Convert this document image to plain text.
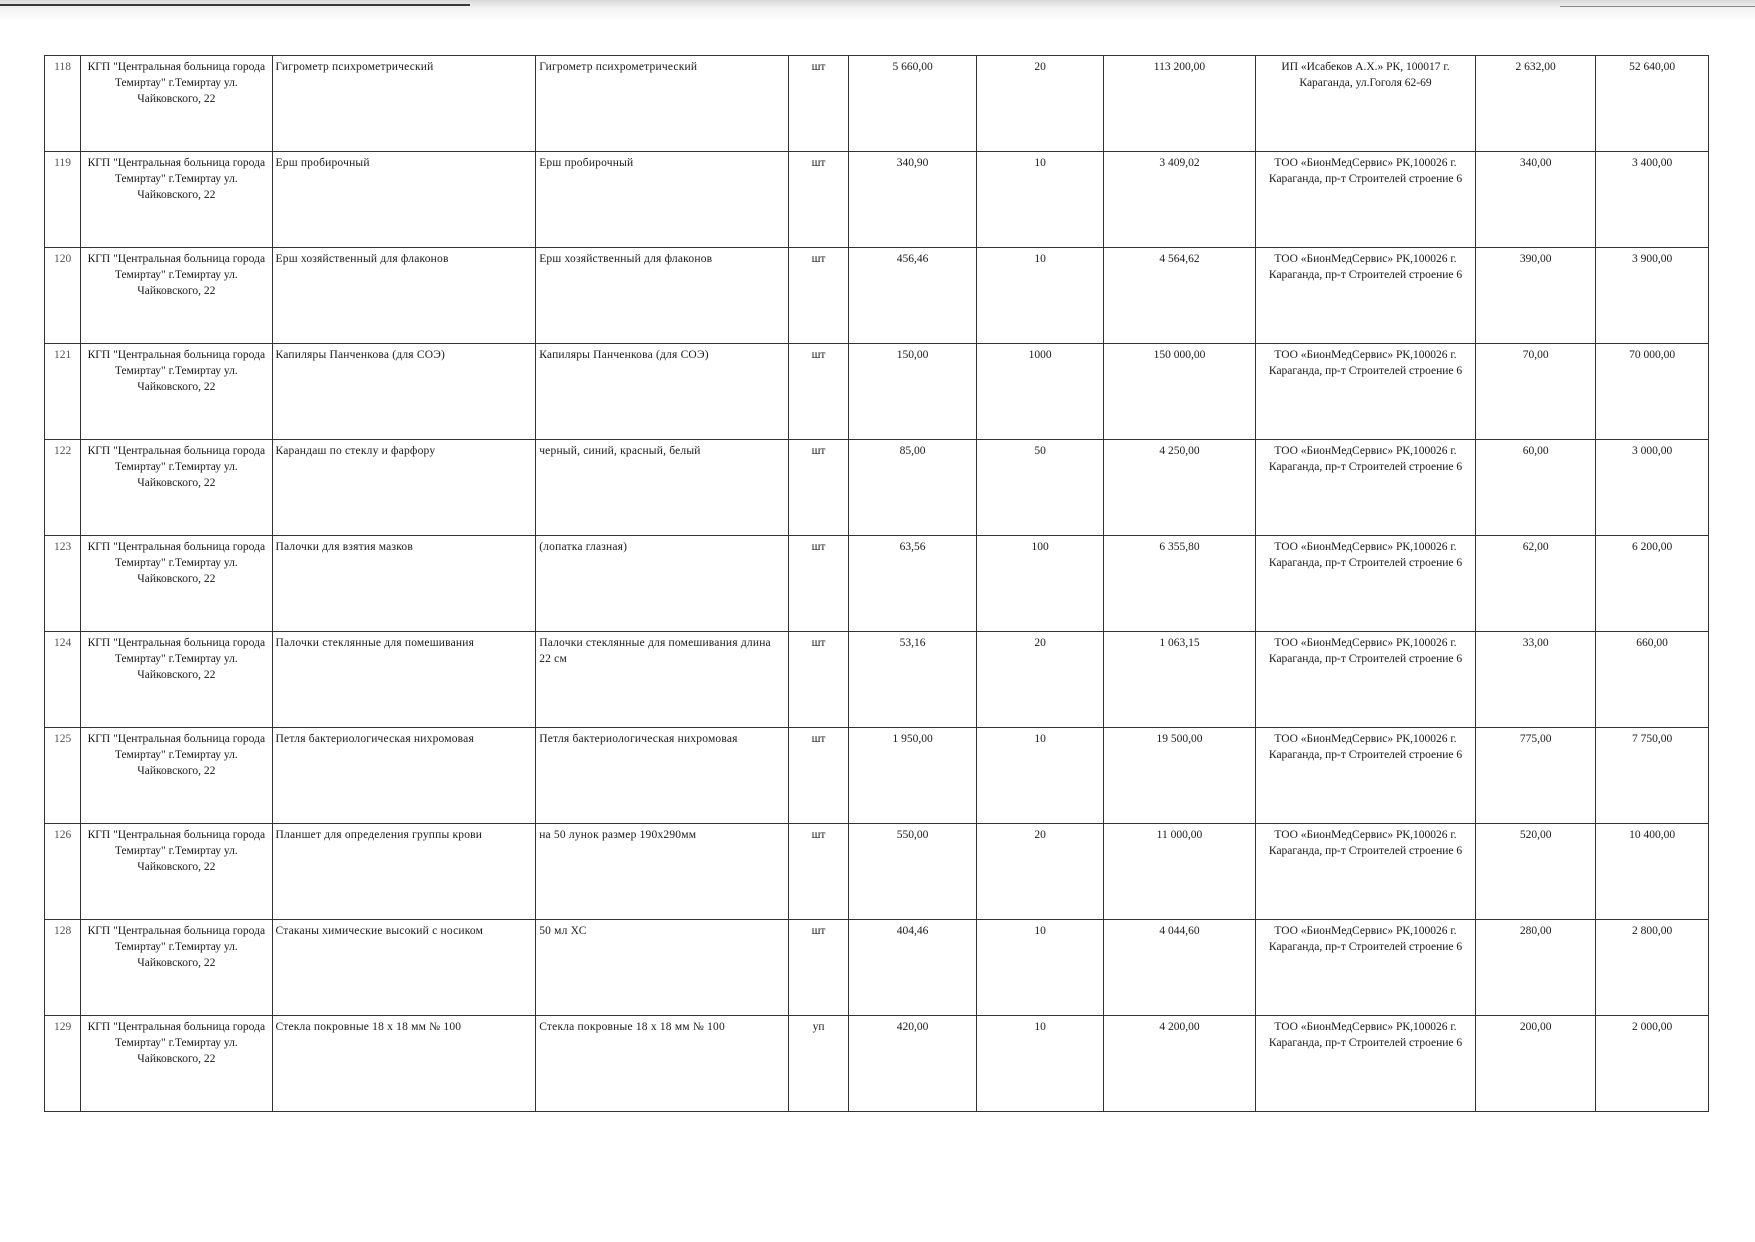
118	КГП "Центральная больница города Темиртау" г.Темиртау ул. Чайковского, 22	Гигрометр психрометрический	Гигрометр психрометрический	шт	5 660,00	20	113 200,00	ИП «Исабеков А.Х.» РК, 100017 г. Караганда, ул.Гоголя 62-69	2 632,00	52 640,00
119	КГП "Центральная больница города Темиртау" г.Темиртау ул. Чайковского, 22	Ерш пробирочный	Ерш пробирочный	шт	340,90	10	3 409,02	ТОО «БионМедСервис» РК,100026 г. Караганда, пр-т Строителей строение 6	340,00	3 400,00
120	КГП "Центральная больница города Темиртау" г.Темиртау ул. Чайковского, 22	Ерш хозяйственный для флаконов	Ерш хозяйственный для флаконов	шт	456,46	10	4 564,62	ТОО «БионМедСервис» РК,100026 г. Караганда, пр-т Строителей строение 6	390,00	3 900,00
121	КГП "Центральная больница города Темиртау" г.Темиртау ул. Чайковского, 22	Капиляры Панченкова (для СОЭ)	Капиляры Панченкова (для СОЭ)	шт	150,00	1000	150 000,00	ТОО «БионМедСервис» РК,100026 г. Караганда, пр-т Строителей строение 6	70,00	70 000,00
122	КГП "Центральная больница города Темиртау" г.Темиртау ул. Чайковского, 22	Карандаш по стеклу и фарфору	черный, синий, красный, белый	шт	85,00	50	4 250,00	ТОО «БионМедСервис» РК,100026 г. Караганда, пр-т Строителей строение 6	60,00	3 000,00
123	КГП "Центральная больница города Темиртау" г.Темиртау ул. Чайковского, 22	Палочки для взятия мазков	(лопатка глазная)	шт	63,56	100	6 355,80	ТОО «БионМедСервис» РК,100026 г. Караганда, пр-т Строителей строение 6	62,00	6 200,00
124	КГП "Центральная больница города Темиртау" г.Темиртау ул. Чайковского, 22	Палочки стеклянные для помешивания	Палочки стеклянные для помешивания длина 22 см	шт	53,16	20	1 063,15	ТОО «БионМедСервис» РК,100026 г. Караганда, пр-т Строителей строение 6	33,00	660,00
125	КГП "Центральная больница города Темиртау" г.Темиртау ул. Чайковского, 22	Петля бактериологическая нихромовая	Петля бактериологическая нихромовая	шт	1 950,00	10	19 500,00	ТОО «БионМедСервис» РК,100026 г. Караганда, пр-т Строителей строение 6	775,00	7 750,00
126	КГП "Центральная больница города Темиртау" г.Темиртау ул. Чайковского, 22	Планшет для определения группы крови	на 50 лунок размер 190х290мм	шт	550,00	20	11 000,00	ТОО «БионМедСервис» РК,100026 г. Караганда, пр-т Строителей строение 6	520,00	10 400,00
128	КГП "Центральная больница города Темиртау" г.Темиртау ул. Чайковского, 22	Стаканы химические высокий с носиком	50 мл ХС	шт	404,46	10	4 044,60	ТОО «БионМедСервис» РК,100026 г. Караганда, пр-т Строителей строение 6	280,00	2 800,00
129	КГП "Центральная больница города Темиртау" г.Темиртау ул. Чайковского, 22	Стекла покровные 18 х 18 мм № 100	Стекла покровные 18 х 18 мм № 100	уп	420,00	10	4 200,00	ТОО «БионМедСервис» РК,100026 г. Караганда, пр-т Строителей строение 6	200,00	2 000,00
